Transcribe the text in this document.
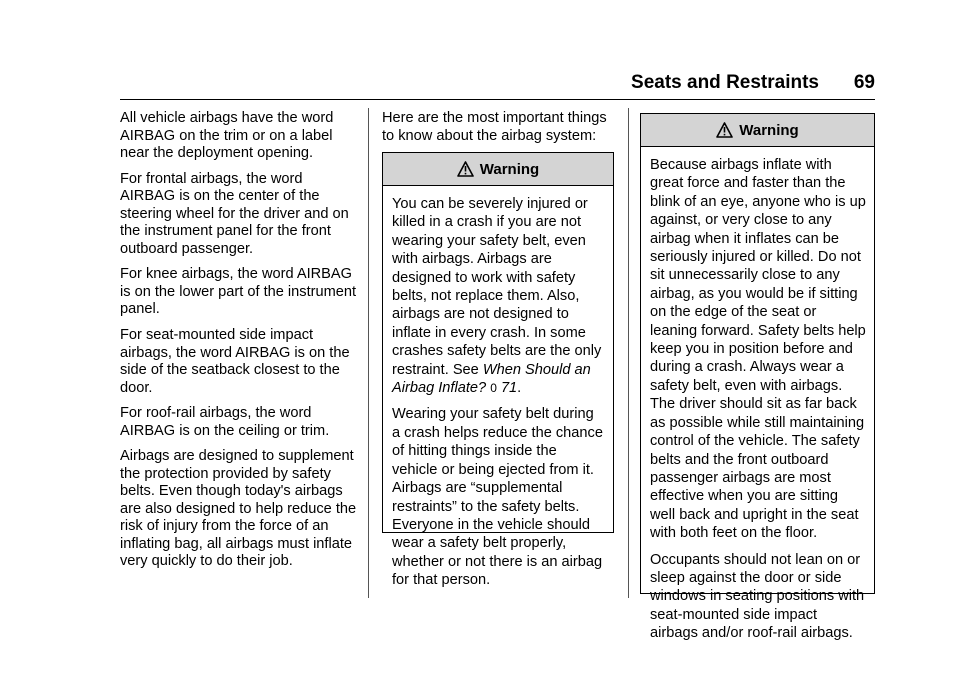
Seats and Restraints 69

All vehicle airbags have the word AIRBAG on the trim or on a label near the deployment opening.

For frontal airbags, the word AIRBAG is on the center of the steering wheel for the driver and on the instrument panel for the front outboard passenger.

For knee airbags, the word AIRBAG is on the lower part of the instrument panel.

For seat-mounted side impact airbags, the word AIRBAG is on the side of the seatback closest to the door.

For roof-rail airbags, the word AIRBAG is on the ceiling or trim.

Airbags are designed to supplement the protection provided by safety belts. Even though today's airbags are also designed to help reduce the risk of injury from the force of an inflating bag, all airbags must inflate very quickly to do their job.

Here are the most important things to know about the airbag system:

Warning

You can be severely injured or killed in a crash if you are not wearing your safety belt, even with airbags. Airbags are designed to work with safety belts, not replace them. Also, airbags are not designed to inflate in every crash. In some crashes safety belts are the only restraint. See When Should an Airbag Inflate? 0 71.

Wearing your safety belt during a crash helps reduce the chance of hitting things inside the vehicle or being ejected from it. Airbags are “supplemental restraints” to the safety belts. Everyone in the vehicle should wear a safety belt properly, whether or not there is an airbag for that person.

Warning

Because airbags inflate with great force and faster than the blink of an eye, anyone who is up against, or very close to any airbag when it inflates can be seriously injured or killed. Do not sit unnecessarily close to any airbag, as you would be if sitting on the edge of the seat or leaning forward. Safety belts help keep you in position before and during a crash. Always wear a safety belt, even with airbags. The driver should sit as far back as possible while still maintaining control of the vehicle. The safety belts and the front outboard passenger airbags are most effective when you are sitting well back and upright in the seat with both feet on the floor.

Occupants should not lean on or sleep against the door or side windows in seating positions with seat-mounted side impact airbags and/or roof-rail airbags.
